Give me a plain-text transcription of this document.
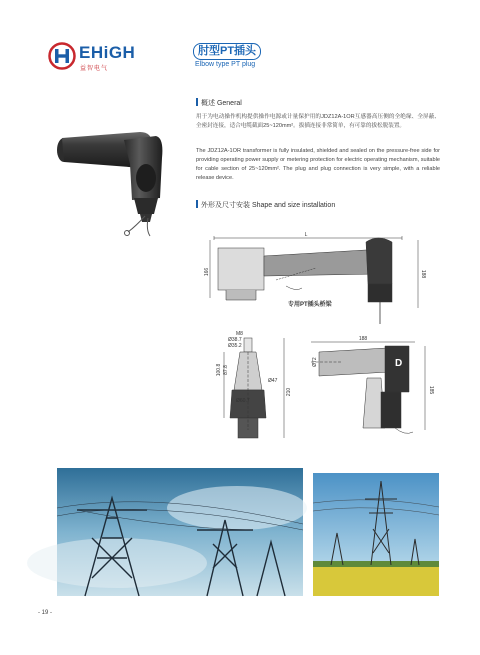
EHiGH
益智电气
肘型PT插头
Elbow type PT plug
概述 General
用于为电动操作机构提供操作电源或计量保护用的JDZ12A-1OR互感器高压侧的全绝缘、全屏蔽、全密封连接，适合电缆截面25~120mm²。拔插连接非常简单，有可靠的拔松脱装置。
The JDZ12A-1OR transformer is fully insulated, shielded and sealed on the pressure-free side for providing operating power supply or metering protection for electric operating mechanism, suitable for cable section of 25~120mm². The plug and plug connection is very simple, with a reliable release device.
外形及尺寸安装 Shape and size installation
L
166	188
专用PT插头桥梁
M8
Ø38.7
Ø35.2
100.8 87.8
Ø47
Ø60.7
210
D
188
Ø72
185
- 19 -
